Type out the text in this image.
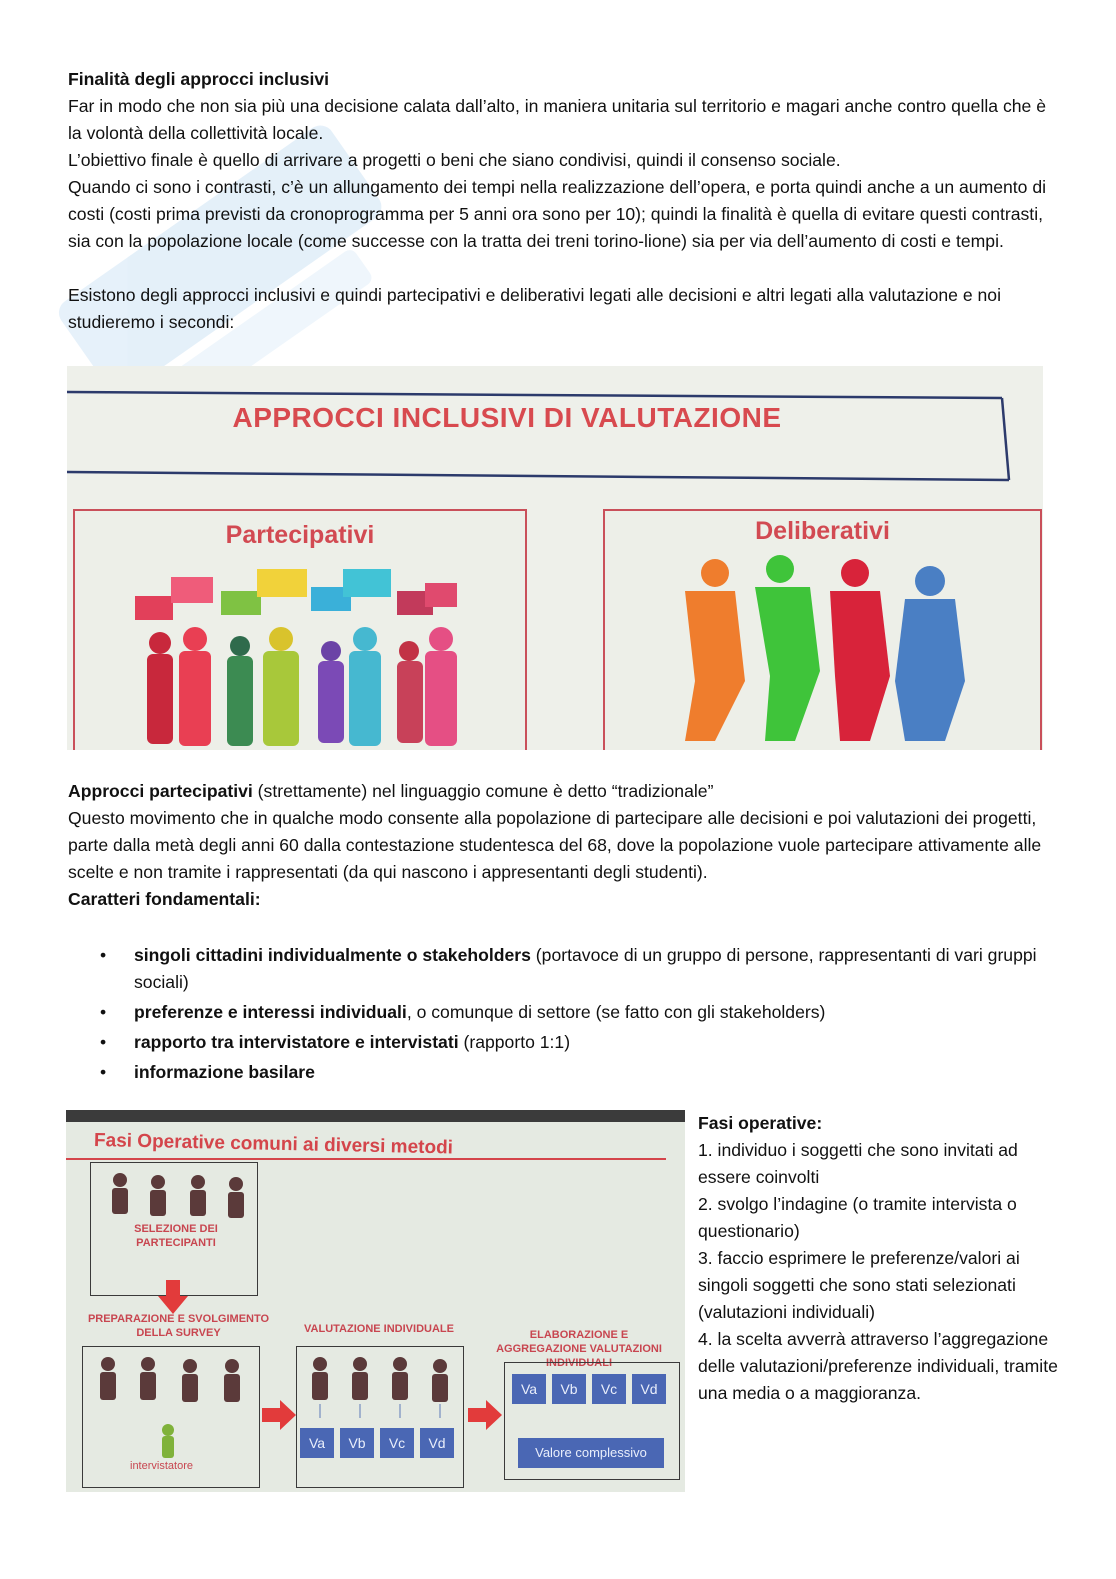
Finalità degli approcci inclusivi

Far in modo che non sia più una decisione calata dall’alto, in maniera unitaria sul territorio e magari anche contro quella che è la volontà della collettività locale.

L’obiettivo finale è quello di arrivare a progetti o beni che siano condivisi, quindi il consenso sociale.

Quando ci sono i contrasti, c’è un allungamento dei tempi nella realizzazione dell’opera, e porta quindi anche a un aumento di costi (costi prima previsti da cronoprogramma per 5 anni ora sono per 10); quindi la finalità è quella di evitare questi contrasti, sia con la popolazione locale (come successe con la tratta dei treni torino-lione) sia per via dell’aumento di costi e tempi.

Esistono degli approcci inclusivi e quindi partecipativi e deliberativi legati alle decisioni e altri legati alla valutazione e noi studieremo i secondi:

APPROCCI INCLUSIVI DI VALUTAZIONE
Partecipativi	Deliberativi

Approcci partecipativi (strettamente) nel linguaggio comune è detto “tradizionale”

Questo movimento che in qualche modo consente alla popolazione di partecipare alle decisioni e poi valutazioni dei progetti, parte dalla metà degli anni 60 dalla contestazione studentesca del 68, dove la popolazione vuole partecipare attivamente alle scelte e non tramite i rappresentati (da qui nascono i appresentanti degli studenti).

Caratteri fondamentali:

• singoli cittadini individualmente o stakeholders (portavoce di un gruppo di persone, rappresentanti di vari gruppi sociali)
• preferenze e interessi individuali, o comunque di settore (se fatto con gli stakeholders)
• rapporto tra intervistatore e intervistati (rapporto 1:1)
• informazione basilare
Fasi Operative comuni ai diversi metodi
SELEZIONE DEI PARTECIPANTI
PREPARAZIONE E SVOLGIMENTO DELLA SURVEY
intervistatore
VALUTAZIONE INDIVIDUALE
Va	Vb	Vc	Vd
ELABORAZIONE E AGGREGAZIONE VALUTAZIONI INDIVIDUALI
Va	Vb	Vc	Vd
Valore complessivo

Fasi operative:

1. individuo i soggetti che sono invitati ad essere coinvolti

2. svolgo l’indagine (o tramite intervista o questionario)

3. faccio esprimere le preferenze/valori ai singoli soggetti che sono stati selezionati (valutazioni individuali)

4. la scelta avverrà attraverso l’aggregazione delle valutazioni/preferenze individuali, tramite una media o a maggioranza.
